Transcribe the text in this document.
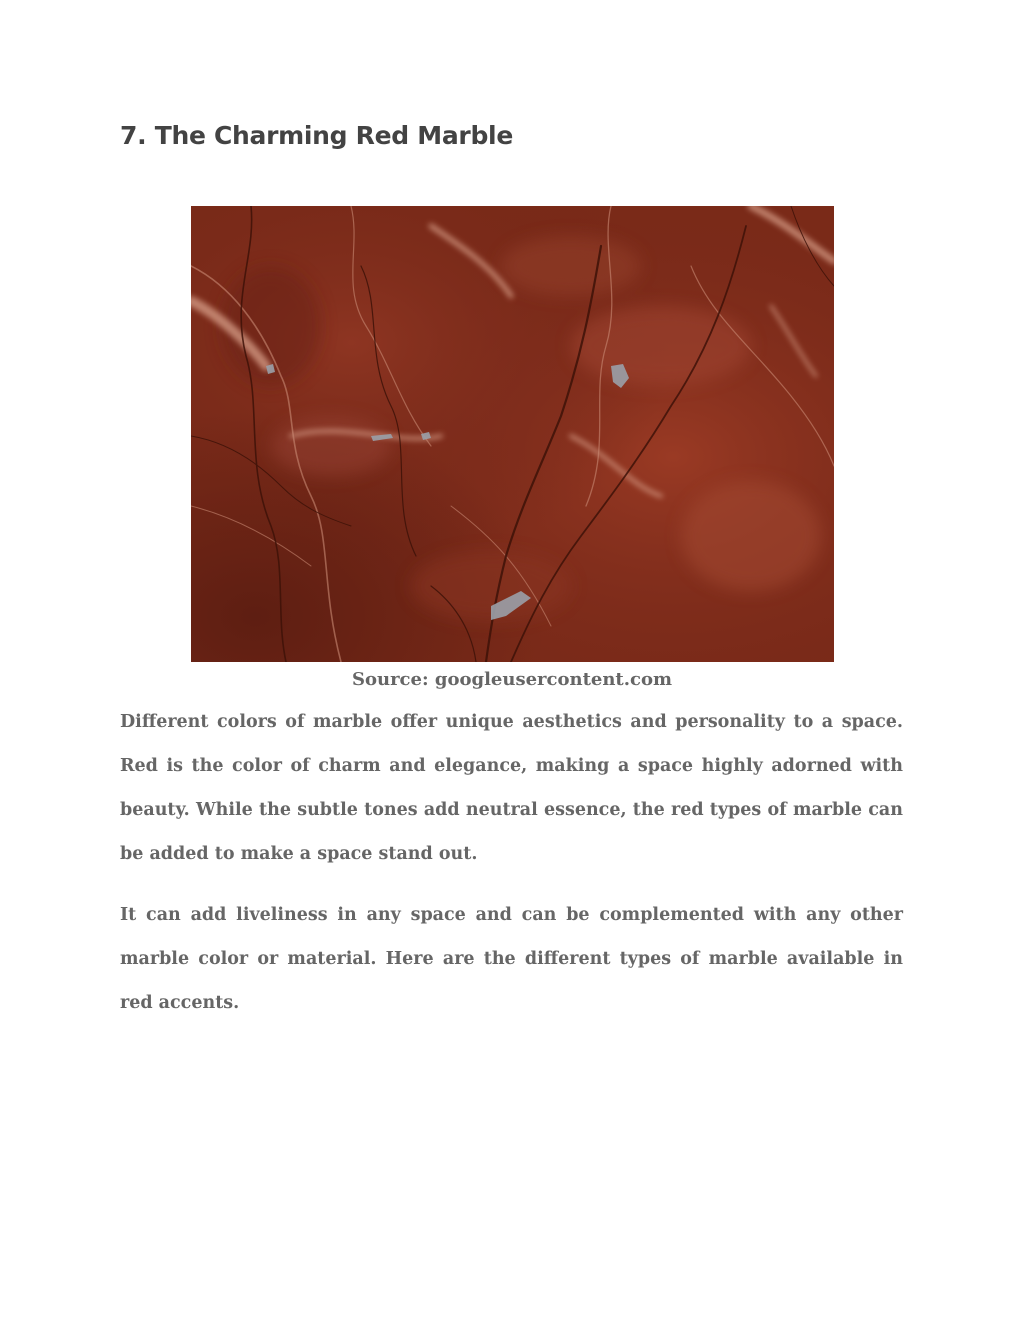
7. The Charming Red Marble

Source: googleusercontent.com

Different colors of marble offer unique aesthetics and personality to a space. Red is the color of charm and elegance, making a space highly adorned with beauty. While the subtle tones add neutral essence, the red types of marble can be added to make a space stand out.

It can add liveliness in any space and can be complemented with any other marble color or material. Here are the different types of marble available in red accents.
